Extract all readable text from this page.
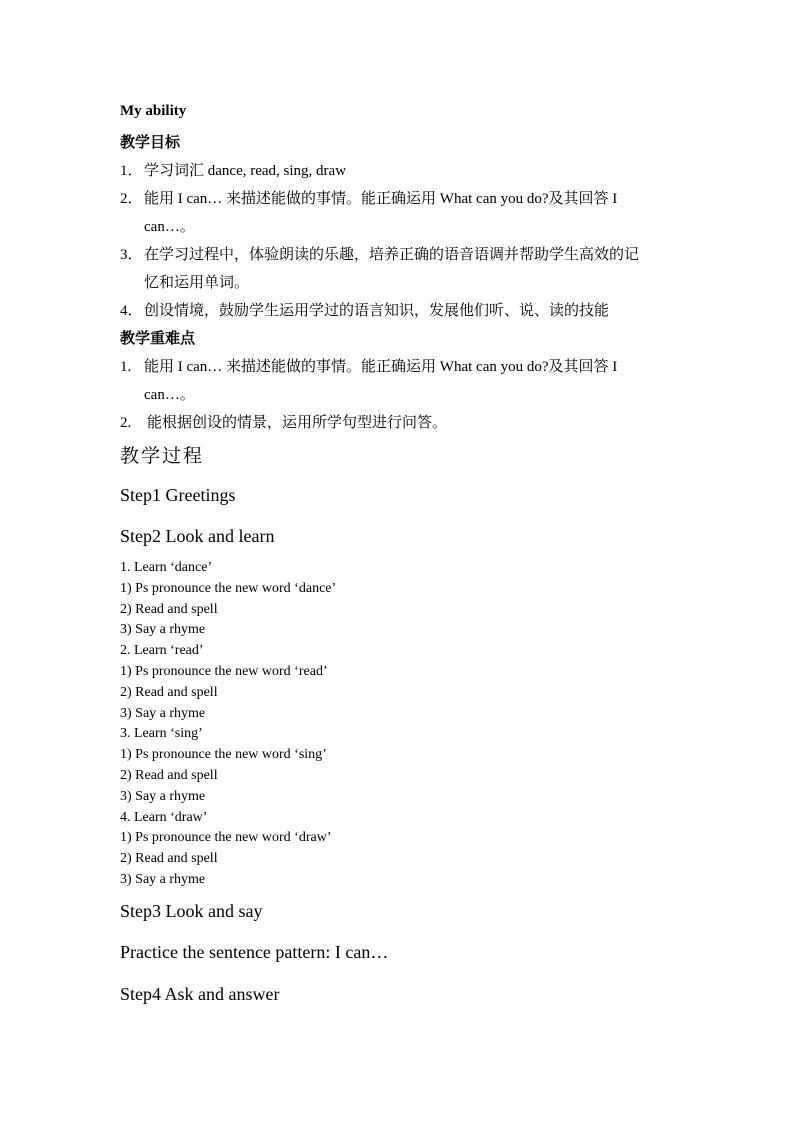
My ability
教学目标
1．学习词汇 dance, read, sing, draw
2．能用 I can… 来描述能做的事情。能正确运用 What can you do?及其回答 I
can…。
3．在学习过程中，体验朗读的乐趣，培养正确的语音语调并帮助学生高效的记
忆和运用单词。
4．创设情境，鼓励学生运用学过的语言知识，发展他们听、说、读的技能
教学重难点
1. 能用 I can… 来描述能做的事情。能正确运用 What can you do?及其回答 I
can…。
2. 能根据创设的情景，运用所学句型进行问答。
教学过程
Step1 Greetings
Step2 Look and learn
1. Learn ‘dance’
1) Ps pronounce the new word ‘dance’
2) Read and spell
3) Say a rhyme
2. Learn ‘read’
1) Ps pronounce the new word ‘read’
2) Read and spell
3) Say a rhyme
3. Learn ‘sing’
1) Ps pronounce the new word ‘sing’
2) Read and spell
3) Say a rhyme
4. Learn ‘draw’
1) Ps pronounce the new word ‘draw’
2) Read and spell
3) Say a rhyme
Step3 Look and say
Practice the sentence pattern: I can…
Step4 Ask and answer
